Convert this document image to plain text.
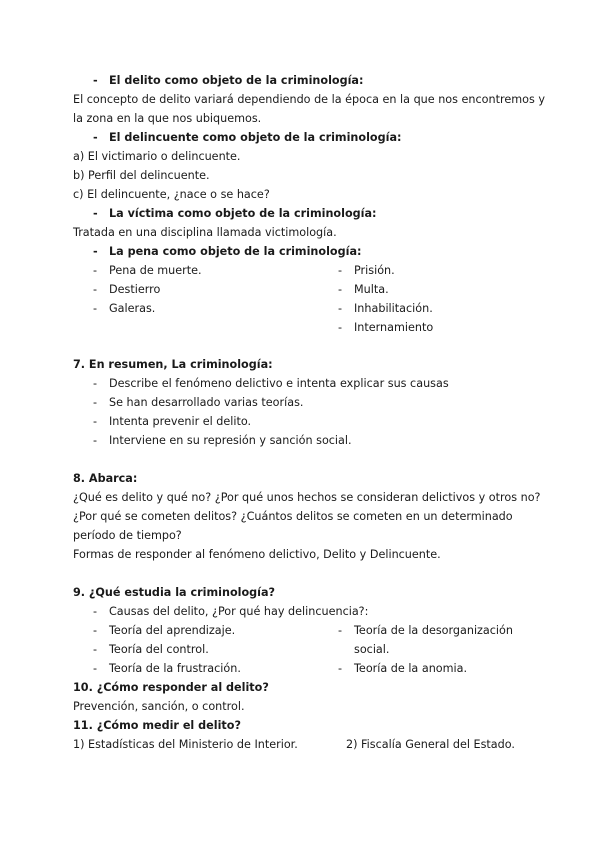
- El delito como objeto de la criminología:
El concepto de delito variará dependiendo de la época en la que nos encontremos y
la zona en la que nos ubiquemos.
- El delincuente como objeto de la criminología:
a) El victimario o delincuente.
b) Perfil del delincuente.
c) El delincuente, ¿nace o se hace?
- La víctima como objeto de la criminología:
Tratada en una disciplina llamada victimología.
- La pena como objeto de la criminología:
- Pena de muerte.
- Destierro
- Galeras.
- Prisión.
- Multa.
- Inhabilitación.
- Internamiento
7. En resumen, La criminología:
- Describe el fenómeno delictivo e intenta explicar sus causas
- Se han desarrollado varias teorías.
- Intenta prevenir el delito.
- Interviene en su represión y sanción social.
8. Abarca:
¿Qué es delito y qué no? ¿Por qué unos hechos se consideran delictivos y otros no?
¿Por qué se cometen delitos? ¿Cuántos delitos se cometen en un determinado
período de tiempo?
Formas de responder al fenómeno delictivo, Delito y Delincuente.
9. ¿Qué estudia la criminología?
- Causas del delito, ¿Por qué hay delincuencia?:
- Teoría del aprendizaje.
- Teoría del control.
- Teoría de la frustración.
- Teoría de la desorganización
social.
- Teoría de la anomia.
10. ¿Cómo responder al delito?
Prevención, sanción, o control.
11. ¿Cómo medir el delito?
1) Estadísticas del Ministerio de Interior.	2) Fiscalía General del Estado.
